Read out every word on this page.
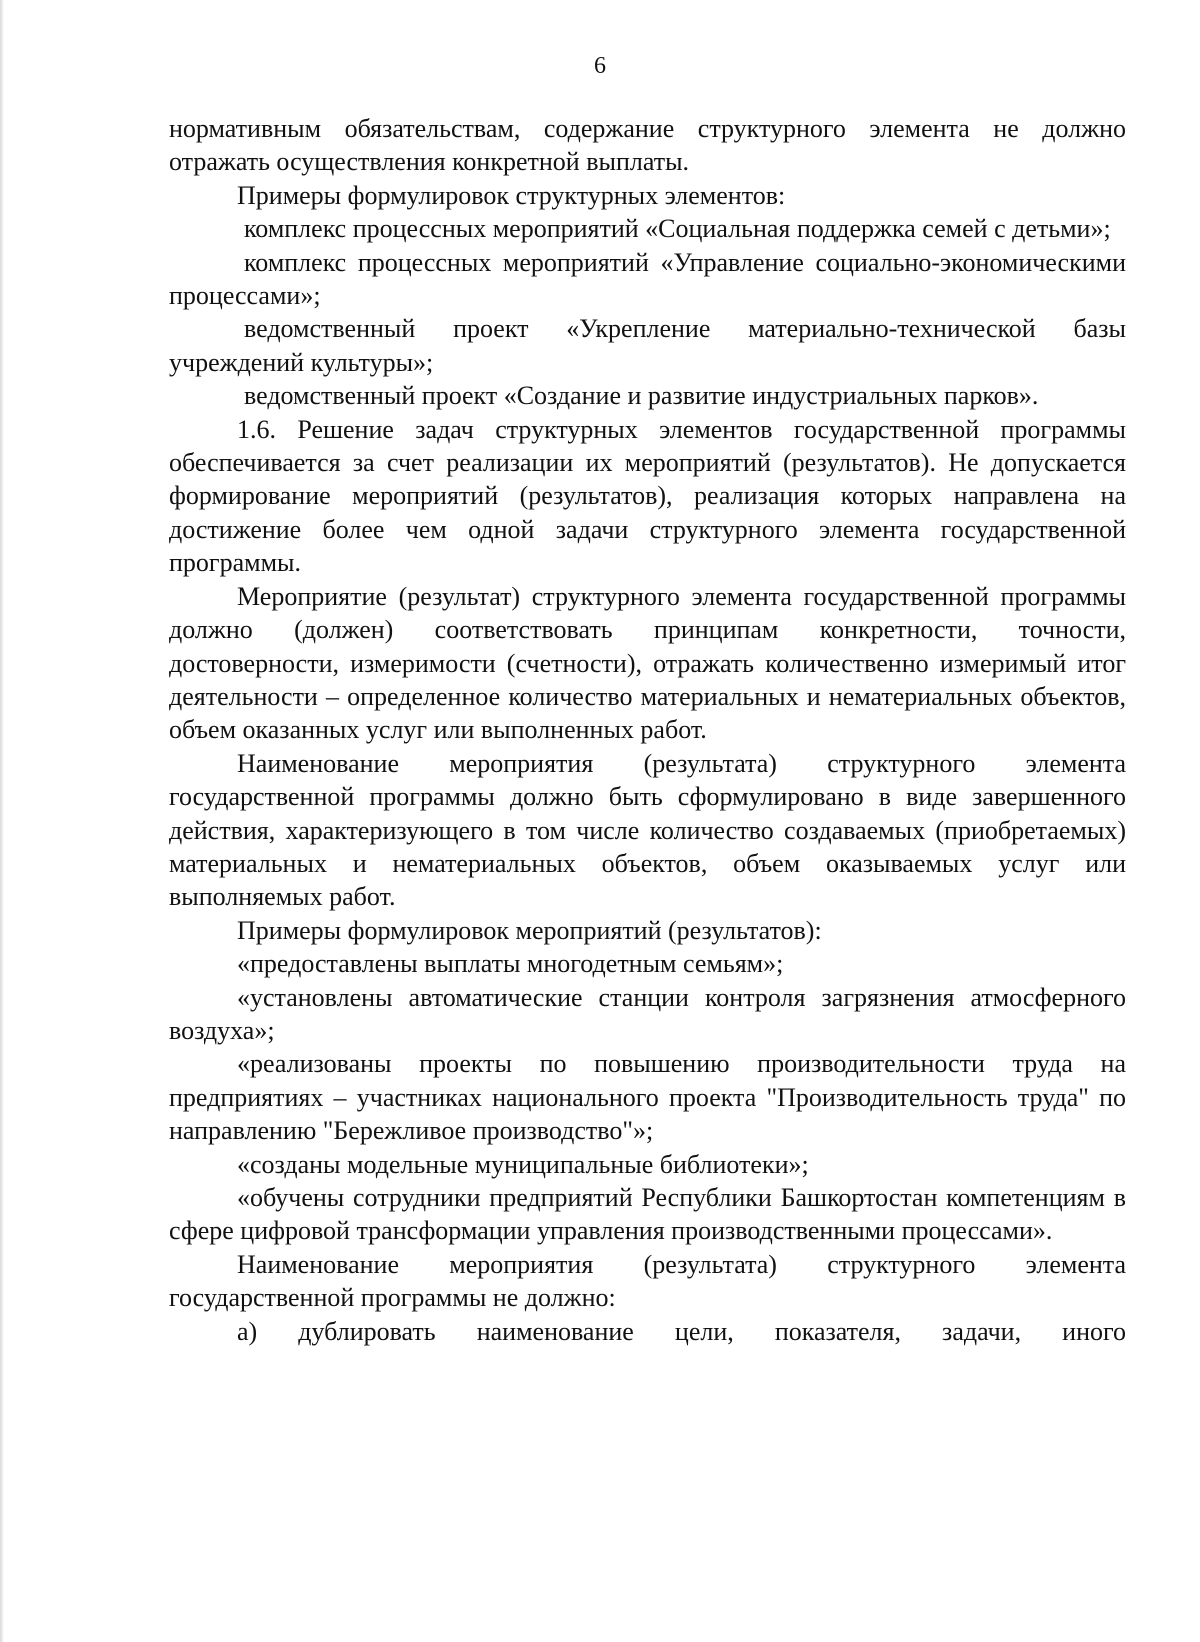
6

нормативным обязательствам, содержание структурного элемента не должно отражать осуществления конкретной выплаты.

Примеры формулировок структурных элементов:

комплекс процессных мероприятий «Социальная поддержка семей с детьми»;

комплекс процессных мероприятий «Управление социально-экономическими процессами»;

ведомственный проект «Укрепление материально-технической базы учреждений культуры»;

ведомственный проект «Создание и развитие индустриальных парков».

1.6. Решение задач структурных элементов государственной программы обеспечивается за счет реализации их мероприятий (результатов). Не допускается формирование мероприятий (результатов), реализация которых направлена на достижение более чем одной задачи структурного элемента государственной программы.

Мероприятие (результат) структурного элемента государственной программы должно (должен) соответствовать принципам конкретности, точности, достоверности, измеримости (счетности), отражать количественно измеримый итог деятельности – определенное количество материальных и нематериальных объектов, объем оказанных услуг или выполненных работ.

Наименование мероприятия (результата) структурного элемента государственной программы должно быть сформулировано в виде завершенного действия, характеризующего в том числе количество создаваемых (приобретаемых) материальных и нематериальных объектов, объем оказываемых услуг или выполняемых работ.

Примеры формулировок мероприятий (результатов):

«предоставлены выплаты многодетным семьям»;

«установлены автоматические станции контроля загрязнения атмосферного воздуха»;

«реализованы проекты по повышению производительности труда на предприятиях – участниках национального проекта "Производительность труда" по направлению "Бережливое производство"»;

«созданы модельные муниципальные библиотеки»;

«обучены сотрудники предприятий Республики Башкортостан компетенциям в сфере цифровой трансформации управления производственными процессами».

Наименование мероприятия (результата) структурного элемента государственной программы не должно:

а) дублировать наименование цели, показателя, задачи, иного
